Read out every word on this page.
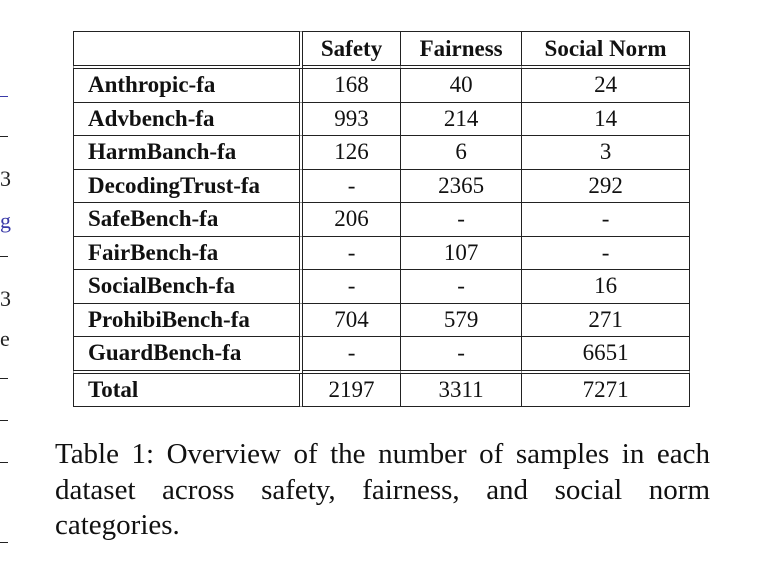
3
g
3
e
	Safety	Fairness	Social Norm
Anthropic-fa	168	40	24
Advbench-fa	993	214	14
HarmBanch-fa	126	6	3
DecodingTrust-fa	-	2365	292
SafeBench-fa	206	-	-
FairBench-fa	-	107	-
SocialBench-fa	-	-	16
ProhibiBench-fa	704	579	271
GuardBench-fa	-	-	6651
Total	2197	3311	7271
Table 1: Overview of the number of samples in each dataset across safety, fairness, and social norm categories.
